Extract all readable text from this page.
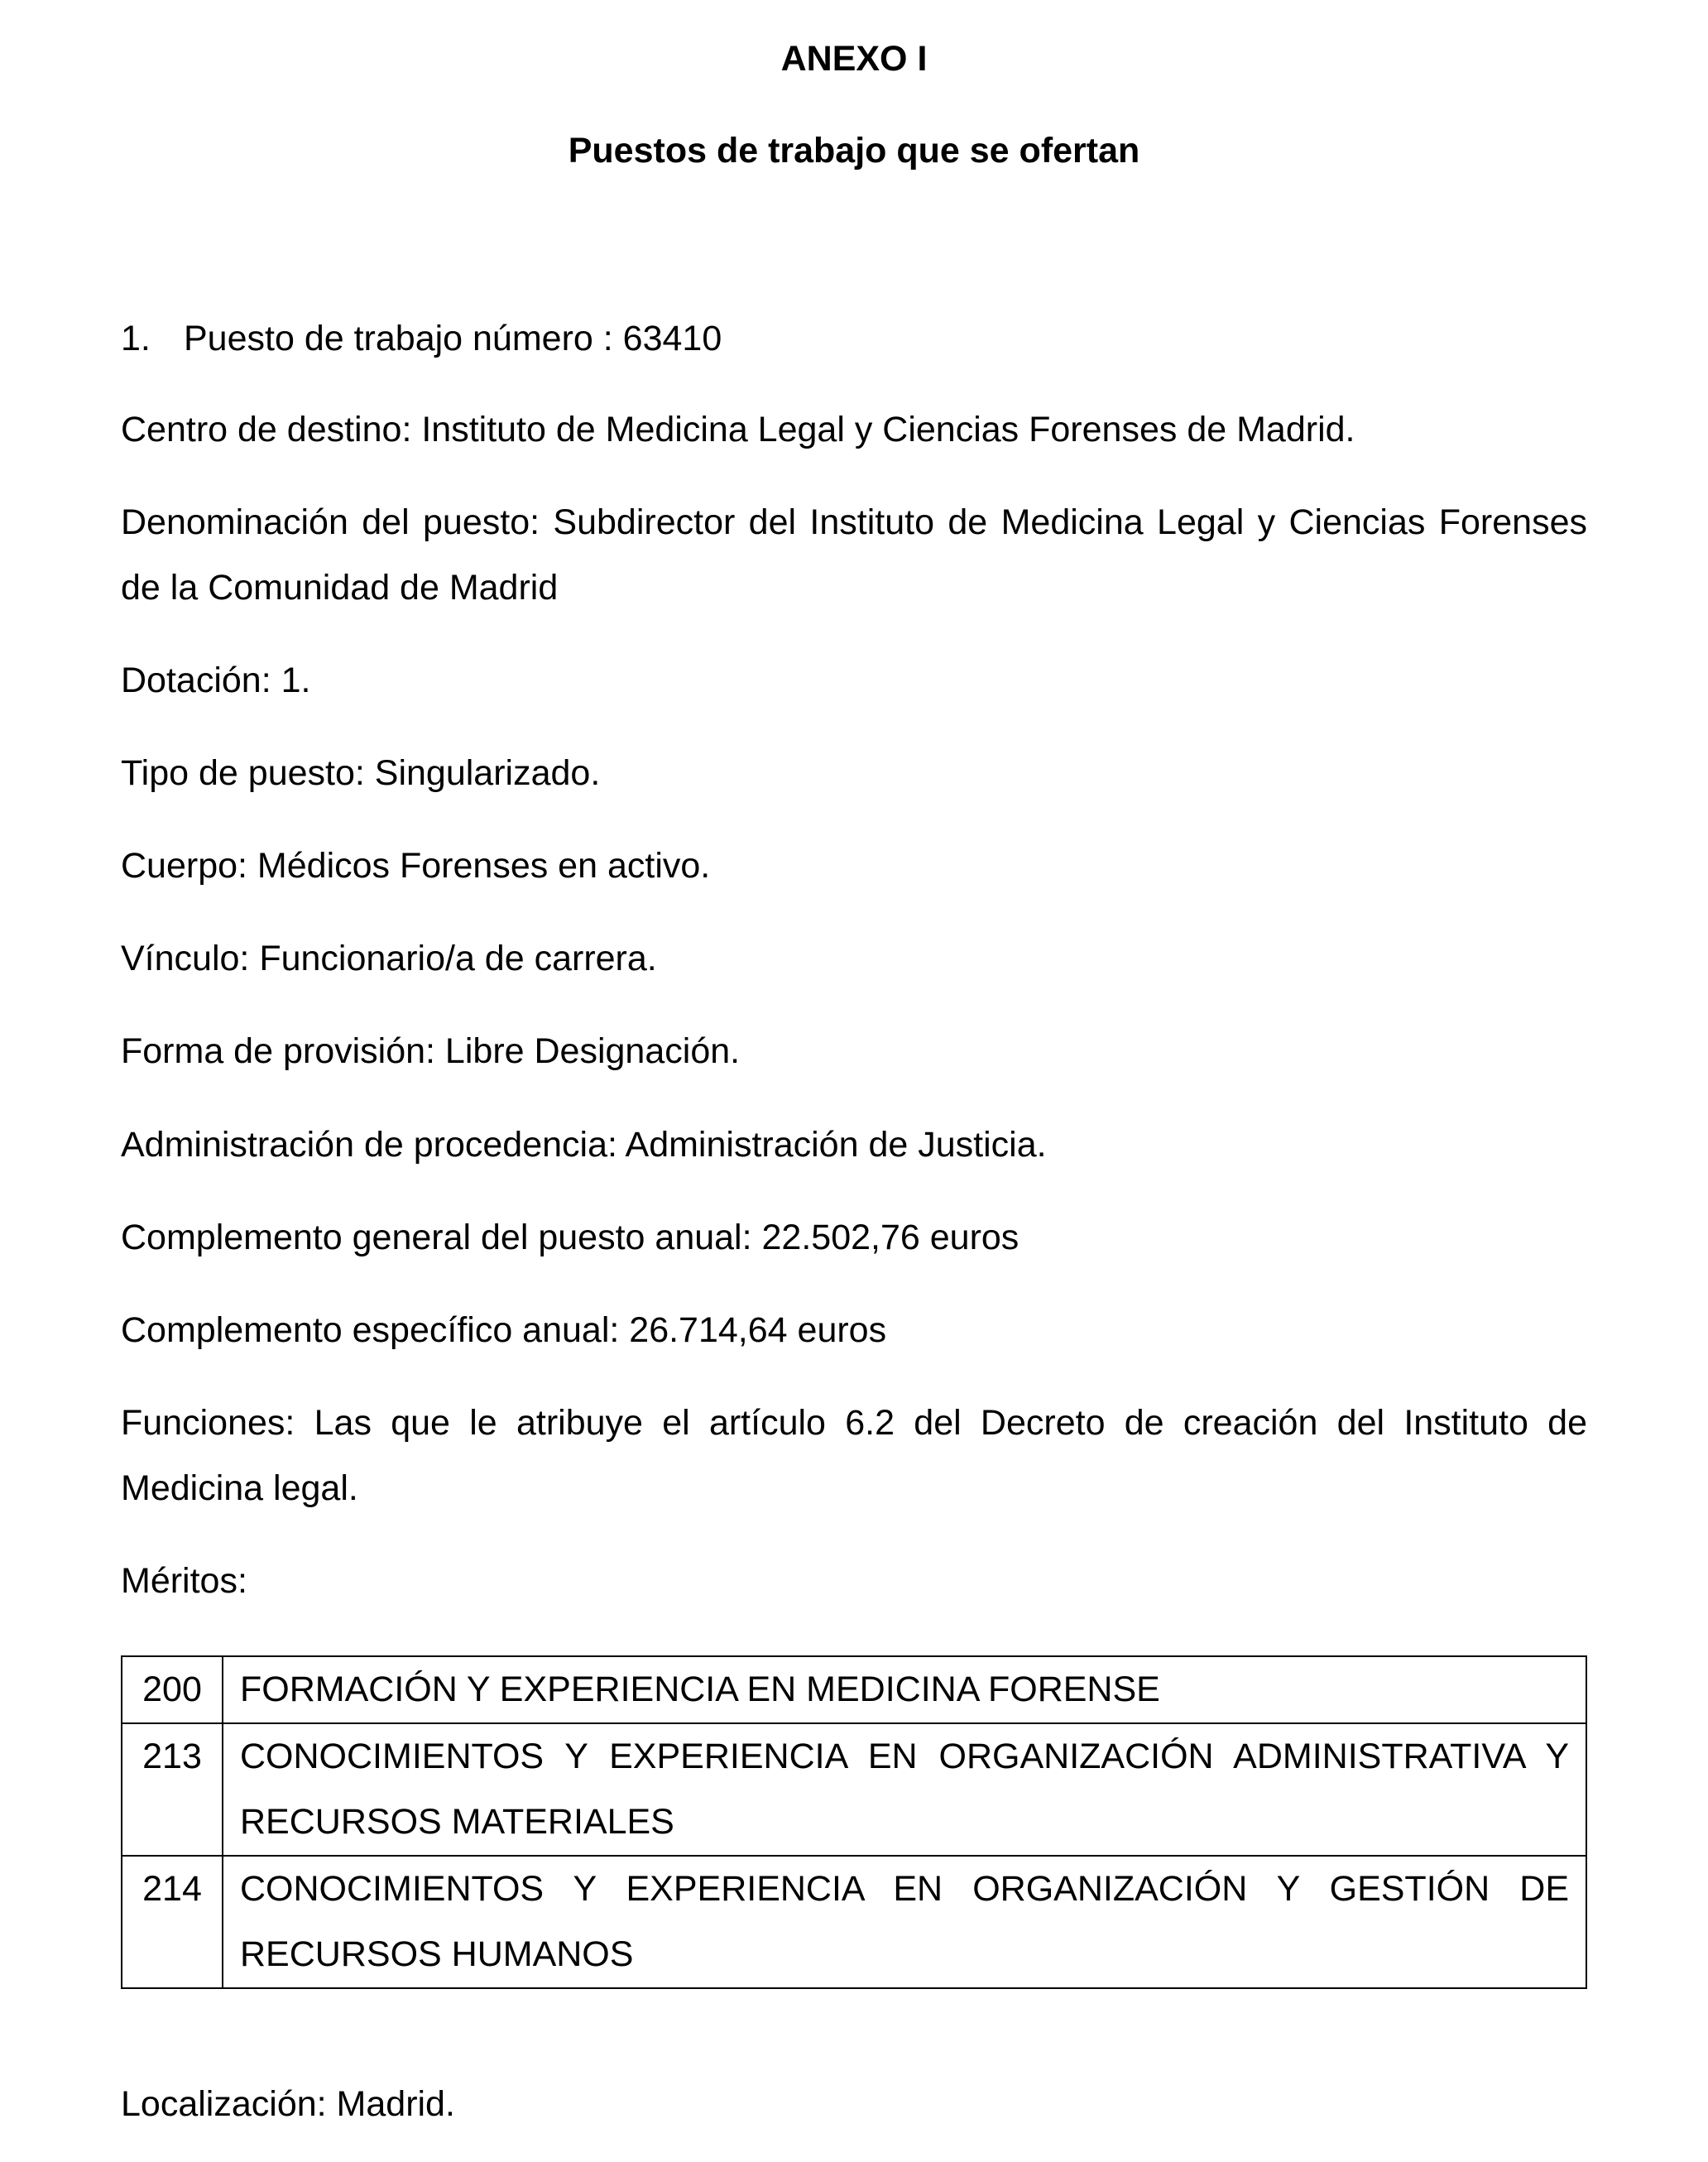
ANEXO I
Puestos de trabajo que se ofertan
1. Puesto de trabajo número : 63410
Centro de destino: Instituto de Medicina Legal y Ciencias Forenses de Madrid.
Denominación del puesto: Subdirector del Instituto de Medicina Legal y Ciencias Forenses de la Comunidad de Madrid
Dotación: 1.
Tipo de puesto: Singularizado.
Cuerpo: Médicos Forenses en activo.
Vínculo: Funcionario/a de carrera.
Forma de provisión: Libre Designación.
Administración de procedencia: Administración de Justicia.
Complemento general del puesto anual: 22.502,76 euros
Complemento específico anual: 26.714,64 euros
Funciones: Las que le atribuye el artículo 6.2 del Decreto de creación del Instituto de Medicina legal.
Méritos:
200	FORMACIÓN Y EXPERIENCIA EN MEDICINA FORENSE
213	CONOCIMIENTOS Y EXPERIENCIA EN ORGANIZACIÓN ADMINISTRATIVA Y RECURSOS MATERIALES
214	CONOCIMIENTOS Y EXPERIENCIA EN ORGANIZACIÓN Y GESTIÓN DE RECURSOS HUMANOS
Localización: Madrid.
